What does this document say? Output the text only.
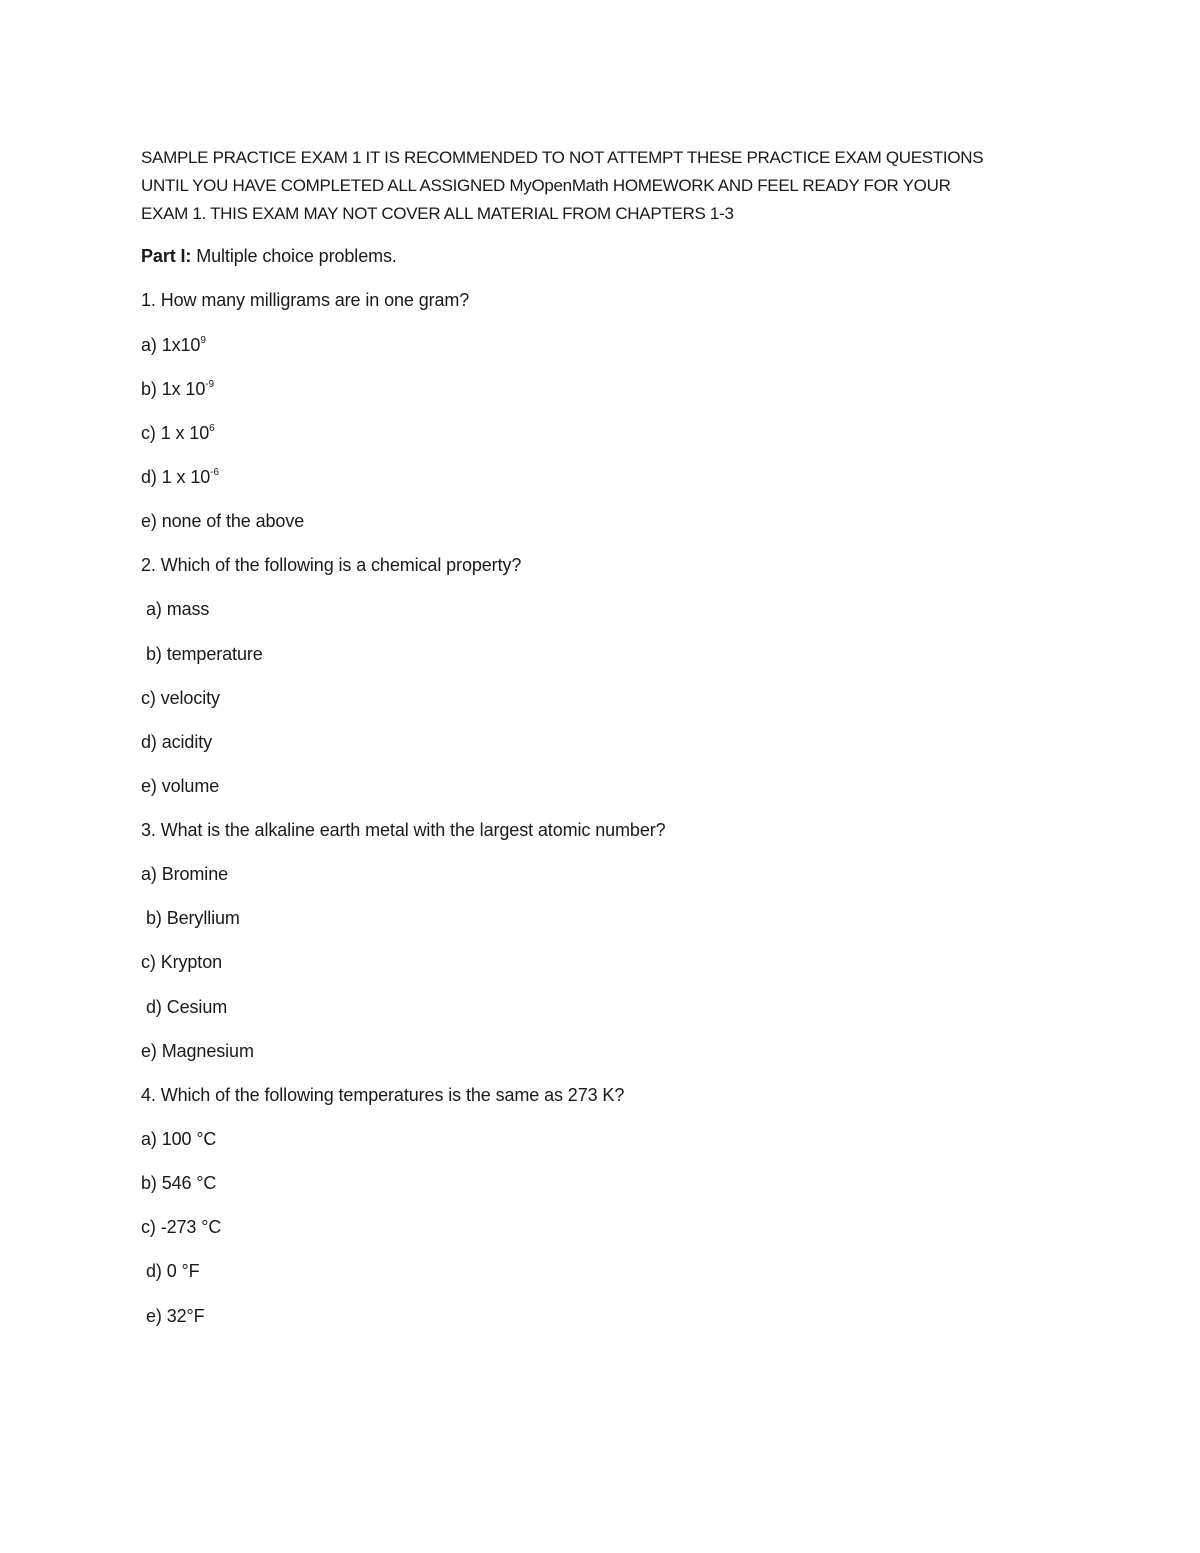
SAMPLE PRACTICE EXAM 1 IT IS RECOMMENDED TO NOT ATTEMPT THESE PRACTICE EXAM QUESTIONS
UNTIL YOU HAVE COMPLETED ALL ASSIGNED MyOpenMath HOMEWORK AND FEEL READY FOR YOUR
EXAM 1. THIS EXAM MAY NOT COVER ALL MATERIAL FROM CHAPTERS 1-3
Part I: Multiple choice problems.
1. How many milligrams are in one gram?
a) $1x10^9$
b) 1x $10^{-9}$
c) 1 x $10^6$
d) 1 x $10^{-6}$
e) none of the above
2. Which of the following is a chemical property?
a) mass
b) temperature
c) velocity
d) acidity
e) volume
3. What is the alkaline earth metal with the largest atomic number?
a) Bromine
b) Beryllium
c) Krypton
d) Cesium
e) Magnesium
4. Which of the following temperatures is the same as 273 K?
a) 100 °C
b) 546 °C
c) -273 °C
d) 0 °F
e) 32°F
